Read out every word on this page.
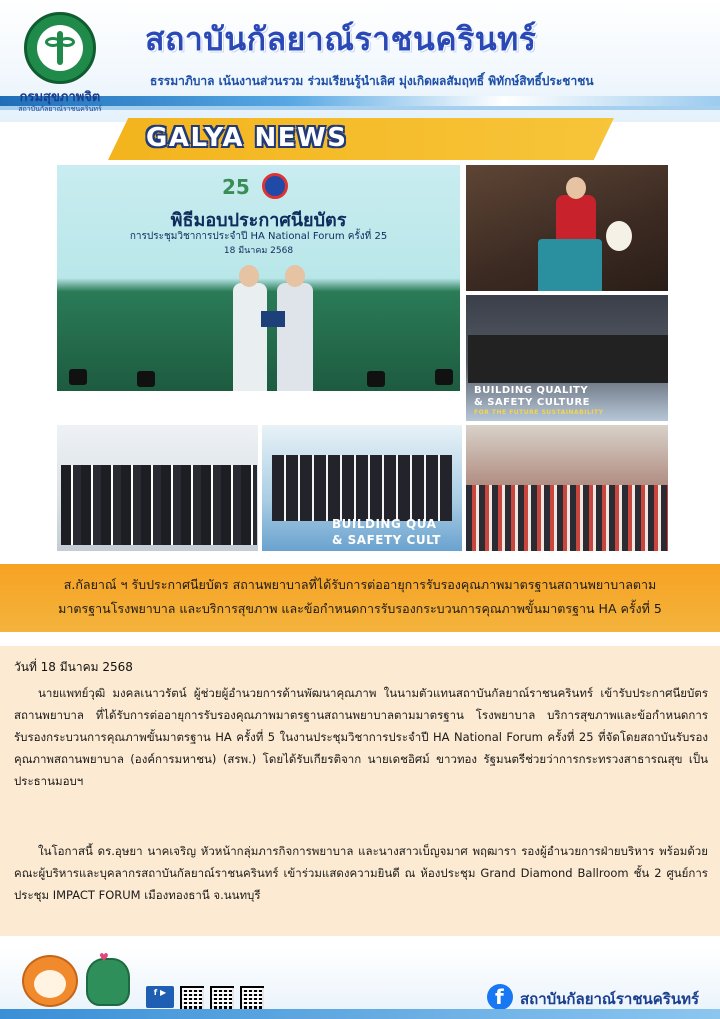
กรมสุขภาพจิต
สถาบันกัลยาณ์ราชนครินทร์
สถาบันกัลยาณ์ราชนครินทร์
ธรรมาภิบาล เน้นงานส่วนรวม ร่วมเรียนรู้นำเลิศ มุ่งเกิดผลสัมฤทธิ์ พิทักษ์สิทธิ์ประชาชน
GALYA NEWS
25
พิธีมอบประกาศนียบัตร
การประชุมวิชาการประจำปี HA National Forum ครั้งที่ 25
18 มีนาคม 2568
BUILDING QUALITY
& SAFETY CULTURE
FOR THE FUTURE SUSTAINABILITY
BUILDING QUA
& SAFETY CULT
ส.กัลยาณ์ ฯ รับประกาศนียบัตร สถานพยาบาลที่ได้รับการต่ออายุการรับรองคุณภาพมาตรฐานสถานพยาบาลตาม
มาตรฐานโรงพยาบาล และบริการสุขภาพ และข้อกำหนดการรับรองกระบวนการคุณภาพขั้นมาตรฐาน HA ครั้งที่ 5
วันที่ 18 มีนาคม 2568
นายแพทย์วุฒิ มงคลเนาวรัตน์ ผู้ช่วยผู้อำนวยการด้านพัฒนาคุณภาพ ในนามตัวแทนสถาบันกัลยาณ์ราชนครินทร์ เข้ารับประกาศนียบัตร สถานพยาบาล ที่ได้รับการต่ออายุการรับรองคุณภาพมาตรฐานสถานพยาบาลตามมาตรฐาน โรงพยาบาล บริการสุขภาพและข้อกำหนดการรับรองกระบวนการคุณภาพขั้นมาตรฐาน HA ครั้งที่ 5 ในงานประชุมวิชาการประจำปี HA National Forum ครั้งที่ 25 ที่จัดโดยสถาบันรับรองคุณภาพสถานพยาบาล (องค์การมหาชน) (สรพ.) โดยได้รับเกียรติจาก นายเดชอิศม์ ขาวทอง รัฐมนตรีช่วยว่าการกระทรวงสาธารณสุข เป็นประธานมอบฯ
ในโอกาสนี้ ดร.อุษยา นาคเจริญ หัวหน้ากลุ่มภารกิจการพยาบาล และนางสาวเบ็ญจมาศ พฤฒารา รองผู้อำนวยการฝ่ายบริหาร พร้อมด้วยคณะผู้บริหารและบุคลากรสถาบันกัลยาณ์ราชนครินทร์ เข้าร่วมแสดงความยินดี ณ ห้องประชุม Grand Diamond Ballroom ชั้น 2 ศูนย์การประชุม IMPACT FORUM เมืองทองธานี จ.นนทบุรี
♥
f ▶	f สถาบันกัลยาณ์ราชนครินทร์
